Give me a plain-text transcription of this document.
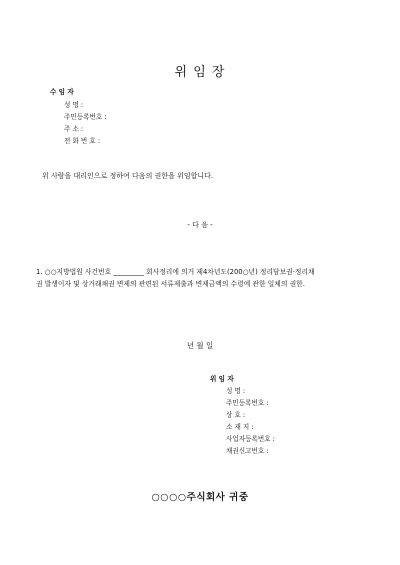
위 임 장
수 임 자
성 명 :
주민등록번호 :
주 소 :
전 화 번 호 :
위 사람을 대리인으로 정하여 다음의 권한을 위임합니다.
- 다 음 -
1. ○○지방법원 사건번호 _________ 회사정리에 의거 제4차년도(200○년) 정리담보권·정리채
권 발생이자 및 상거래채권 변제의 관련된 서류제출과 변제금액의 수령에 관한 일체의 권한.
년 월 일
위 임 자
성 명 :
주민등록번호 :
상 호 :
소 재 지 :
사업자등록번호 :
채권신고번호 :
○○○○주식회사 귀중
